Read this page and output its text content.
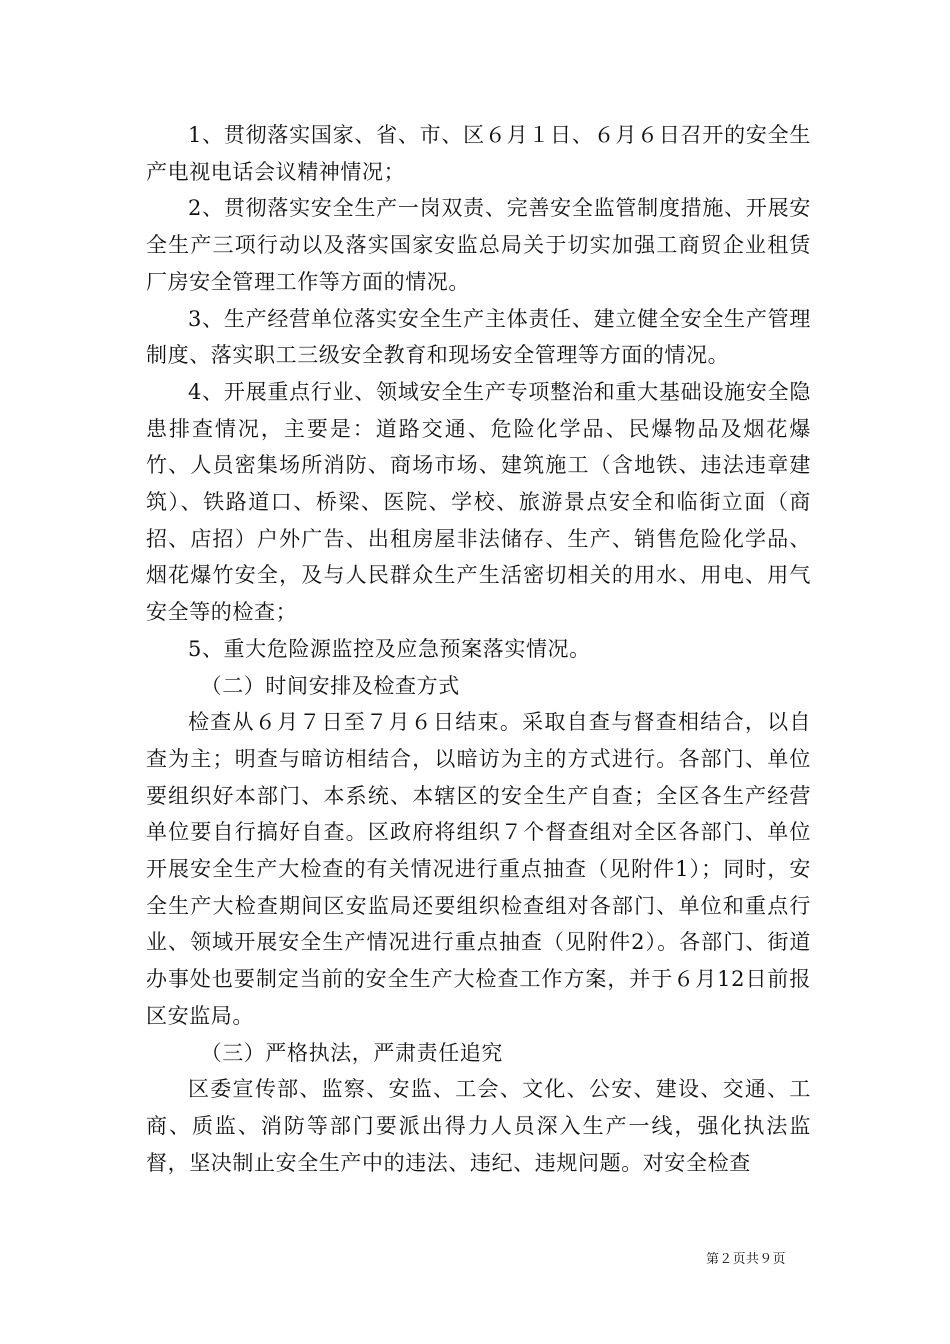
1、贯彻落实国家、省、市、区６月１日、６月６日召开的安全生产电视电话会议精神情况；

2、贯彻落实安全生产一岗双责、完善安全监管制度措施、开展安全生产三项行动以及落实国家安监总局关于切实加强工商贸企业租赁厂房安全管理工作等方面的情况。

3、生产经营单位落实安全生产主体责任、建立健全安全生产管理制度、落实职工三级安全教育和现场安全管理等方面的情况。

4、开展重点行业、领域安全生产专项整治和重大基础设施安全隐患排查情况，主要是：道路交通、危险化学品、民爆物品及烟花爆竹、人员密集场所消防、商场市场、建筑施工（含地铁、违法违章建筑）、铁路道口、桥梁、医院、学校、旅游景点安全和临街立面（商招、店招）户外广告、出租房屋非法储存、生产、销售危险化学品、烟花爆竹安全，及与人民群众生产生活密切相关的用水、用电、用气安全等的检查；

5、重大危险源监控及应急预案落实情况。

（二）时间安排及检查方式

检查从６月７日至７月６日结束。采取自查与督查相结合，以自查为主；明查与暗访相结合，以暗访为主的方式进行。各部门、单位要组织好本部门、本系统、本辖区的安全生产自查；全区各生产经营单位要自行搞好自查。区政府将组织７个督查组对全区各部门、单位开展安全生产大检查的有关情况进行重点抽查（见附件1）；同时，安全生产大检查期间区安监局还要组织检查组对各部门、单位和重点行业、领域开展安全生产情况进行重点抽查（见附件2）。各部门、街道办事处也要制定当前的安全生产大检查工作方案，并于６月12日前报区安监局。

（三）严格执法，严肃责任追究

区委宣传部、监察、安监、工会、文化、公安、建设、交通、工商、质监、消防等部门要派出得力人员深入生产一线，强化执法监督，坚决制止安全生产中的违法、违纪、违规问题。对安全检查

第２页共９页
